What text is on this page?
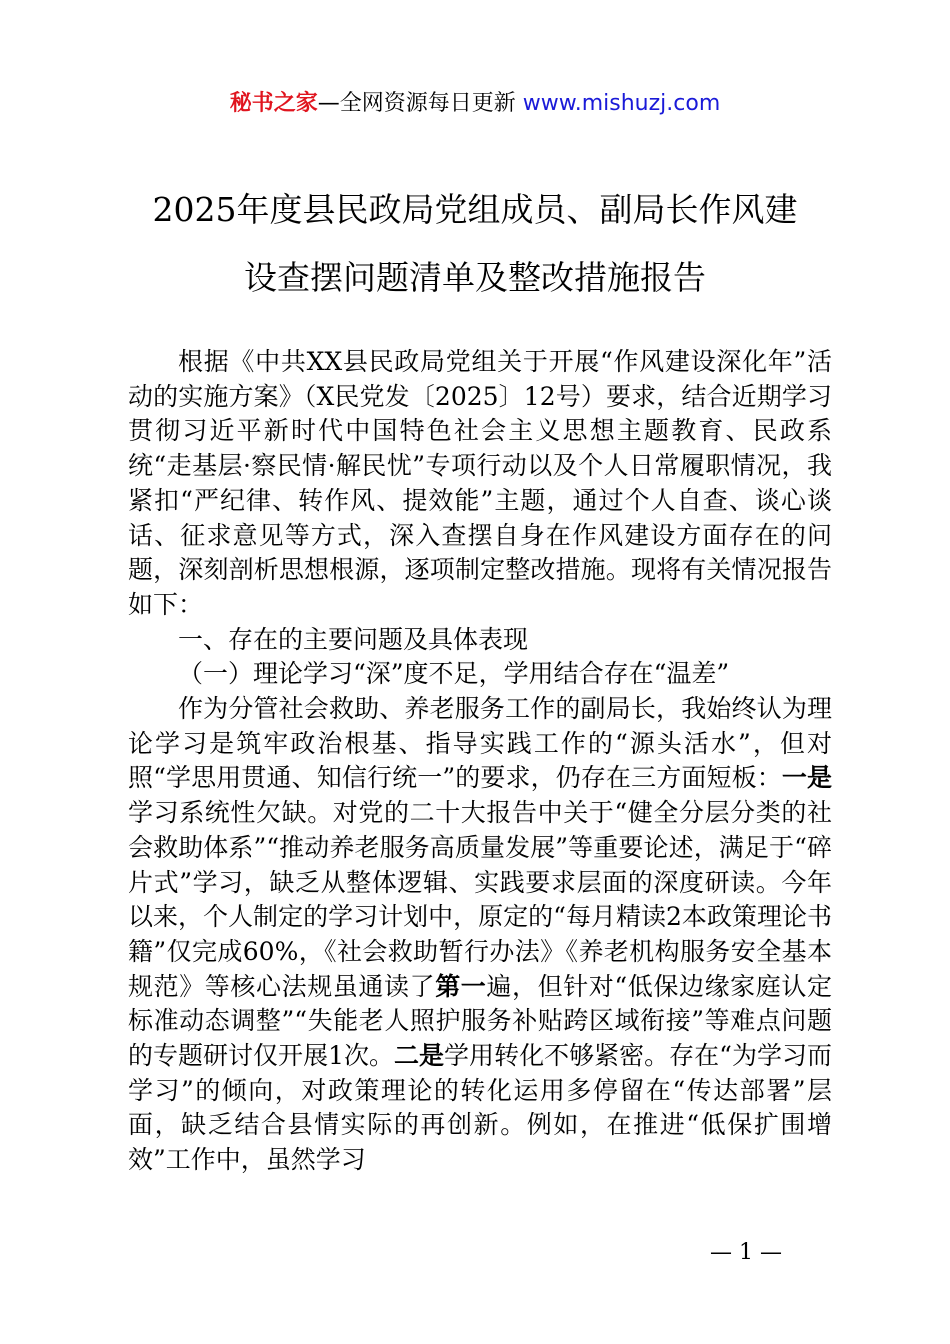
秘书之家—全网资源每日更新 www.mishuzj.com
2025年度县民政局党组成员、副局长作风建
设查摆问题清单及整改措施报告

根据《中共XX县民政局党组关于开展“作风建设深化年”活动的实施方案》（X民党发〔2025〕12号）要求，结合近期学习贯彻习近平新时代中国特色社会主义思想主题教育、民政系统“走基层·察民情·解民忧”专项行动以及个人日常履职情况，我紧扣“严纪律、转作风、提效能”主题，通过个人自查、谈心谈话、征求意见等方式，深入查摆自身在作风建设方面存在的问题，深刻剖析思想根源，逐项制定整改措施。现将有关情况报告如下：

一、存在的主要问题及具体表现

（一）理论学习“深”度不足，学用结合存在“温差”

作为分管社会救助、养老服务工作的副局长，我始终认为理论学习是筑牢政治根基、指导实践工作的“源头活水”，但对照“学思用贯通、知信行统一”的要求，仍存在三方面短板：一是学习系统性欠缺。对党的二十大报告中关于“健全分层分类的社会救助体系”“推动养老服务高质量发展”等重要论述，满足于“碎片式”学习，缺乏从整体逻辑、实践要求层面的深度研读。今年以来，个人制定的学习计划中，原定的“每月精读2本政策理论书籍”仅完成60%，《社会救助暂行办法》《养老机构服务安全基本规范》等核心法规虽通读了第一遍，但针对“低保边缘家庭认定标准动态调整”“失能老人照护服务补贴跨区域衔接”等难点问题的专题研讨仅开展1次。二是学用转化不够紧密。存在“为学习而学习”的倾向，对政策理论的转化运用多停留在“传达部署”层面，缺乏结合县情实际的再创新。例如，在推进“低保扩围增效”工作中，虽然学习

— 1 —
